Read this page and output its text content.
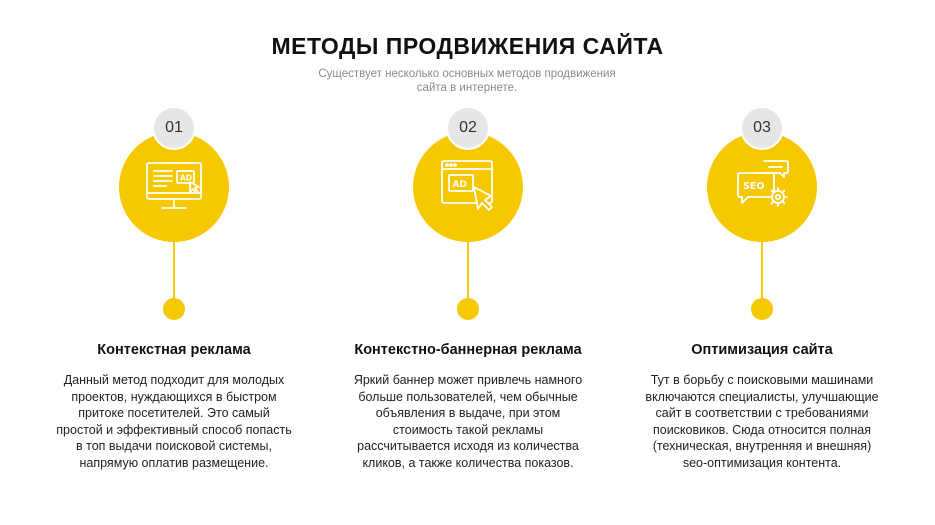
МЕТОДЫ ПРОДВИЖЕНИЯ САЙТА
Существует несколько основных методов продвижения сайта в интернете.
01
AD
Контекстная реклама
Данный метод подходит для молодых проектов, нуждающихся в быстром притоке посетителей. Это самый простой и эффективный способ попасть в топ выдачи поисковой системы, напрямую оплатив размещение.
02
AD
Контекстно-баннерная реклама
Яркий баннер может привлечь намного больше пользователей, чем обычные объявления в выдаче, при этом стоимость такой рекламы рассчитывается исходя из количества кликов, а также количества показов.
03
SEO
Оптимизация сайта
Тут в борьбу с поисковыми машинами включаются специалисты, улучшающие сайт в соответствии с требованиями поисковиков. Сюда относится полная (техническая, внутренняя и внешняя) seo-оптимизация контента.
